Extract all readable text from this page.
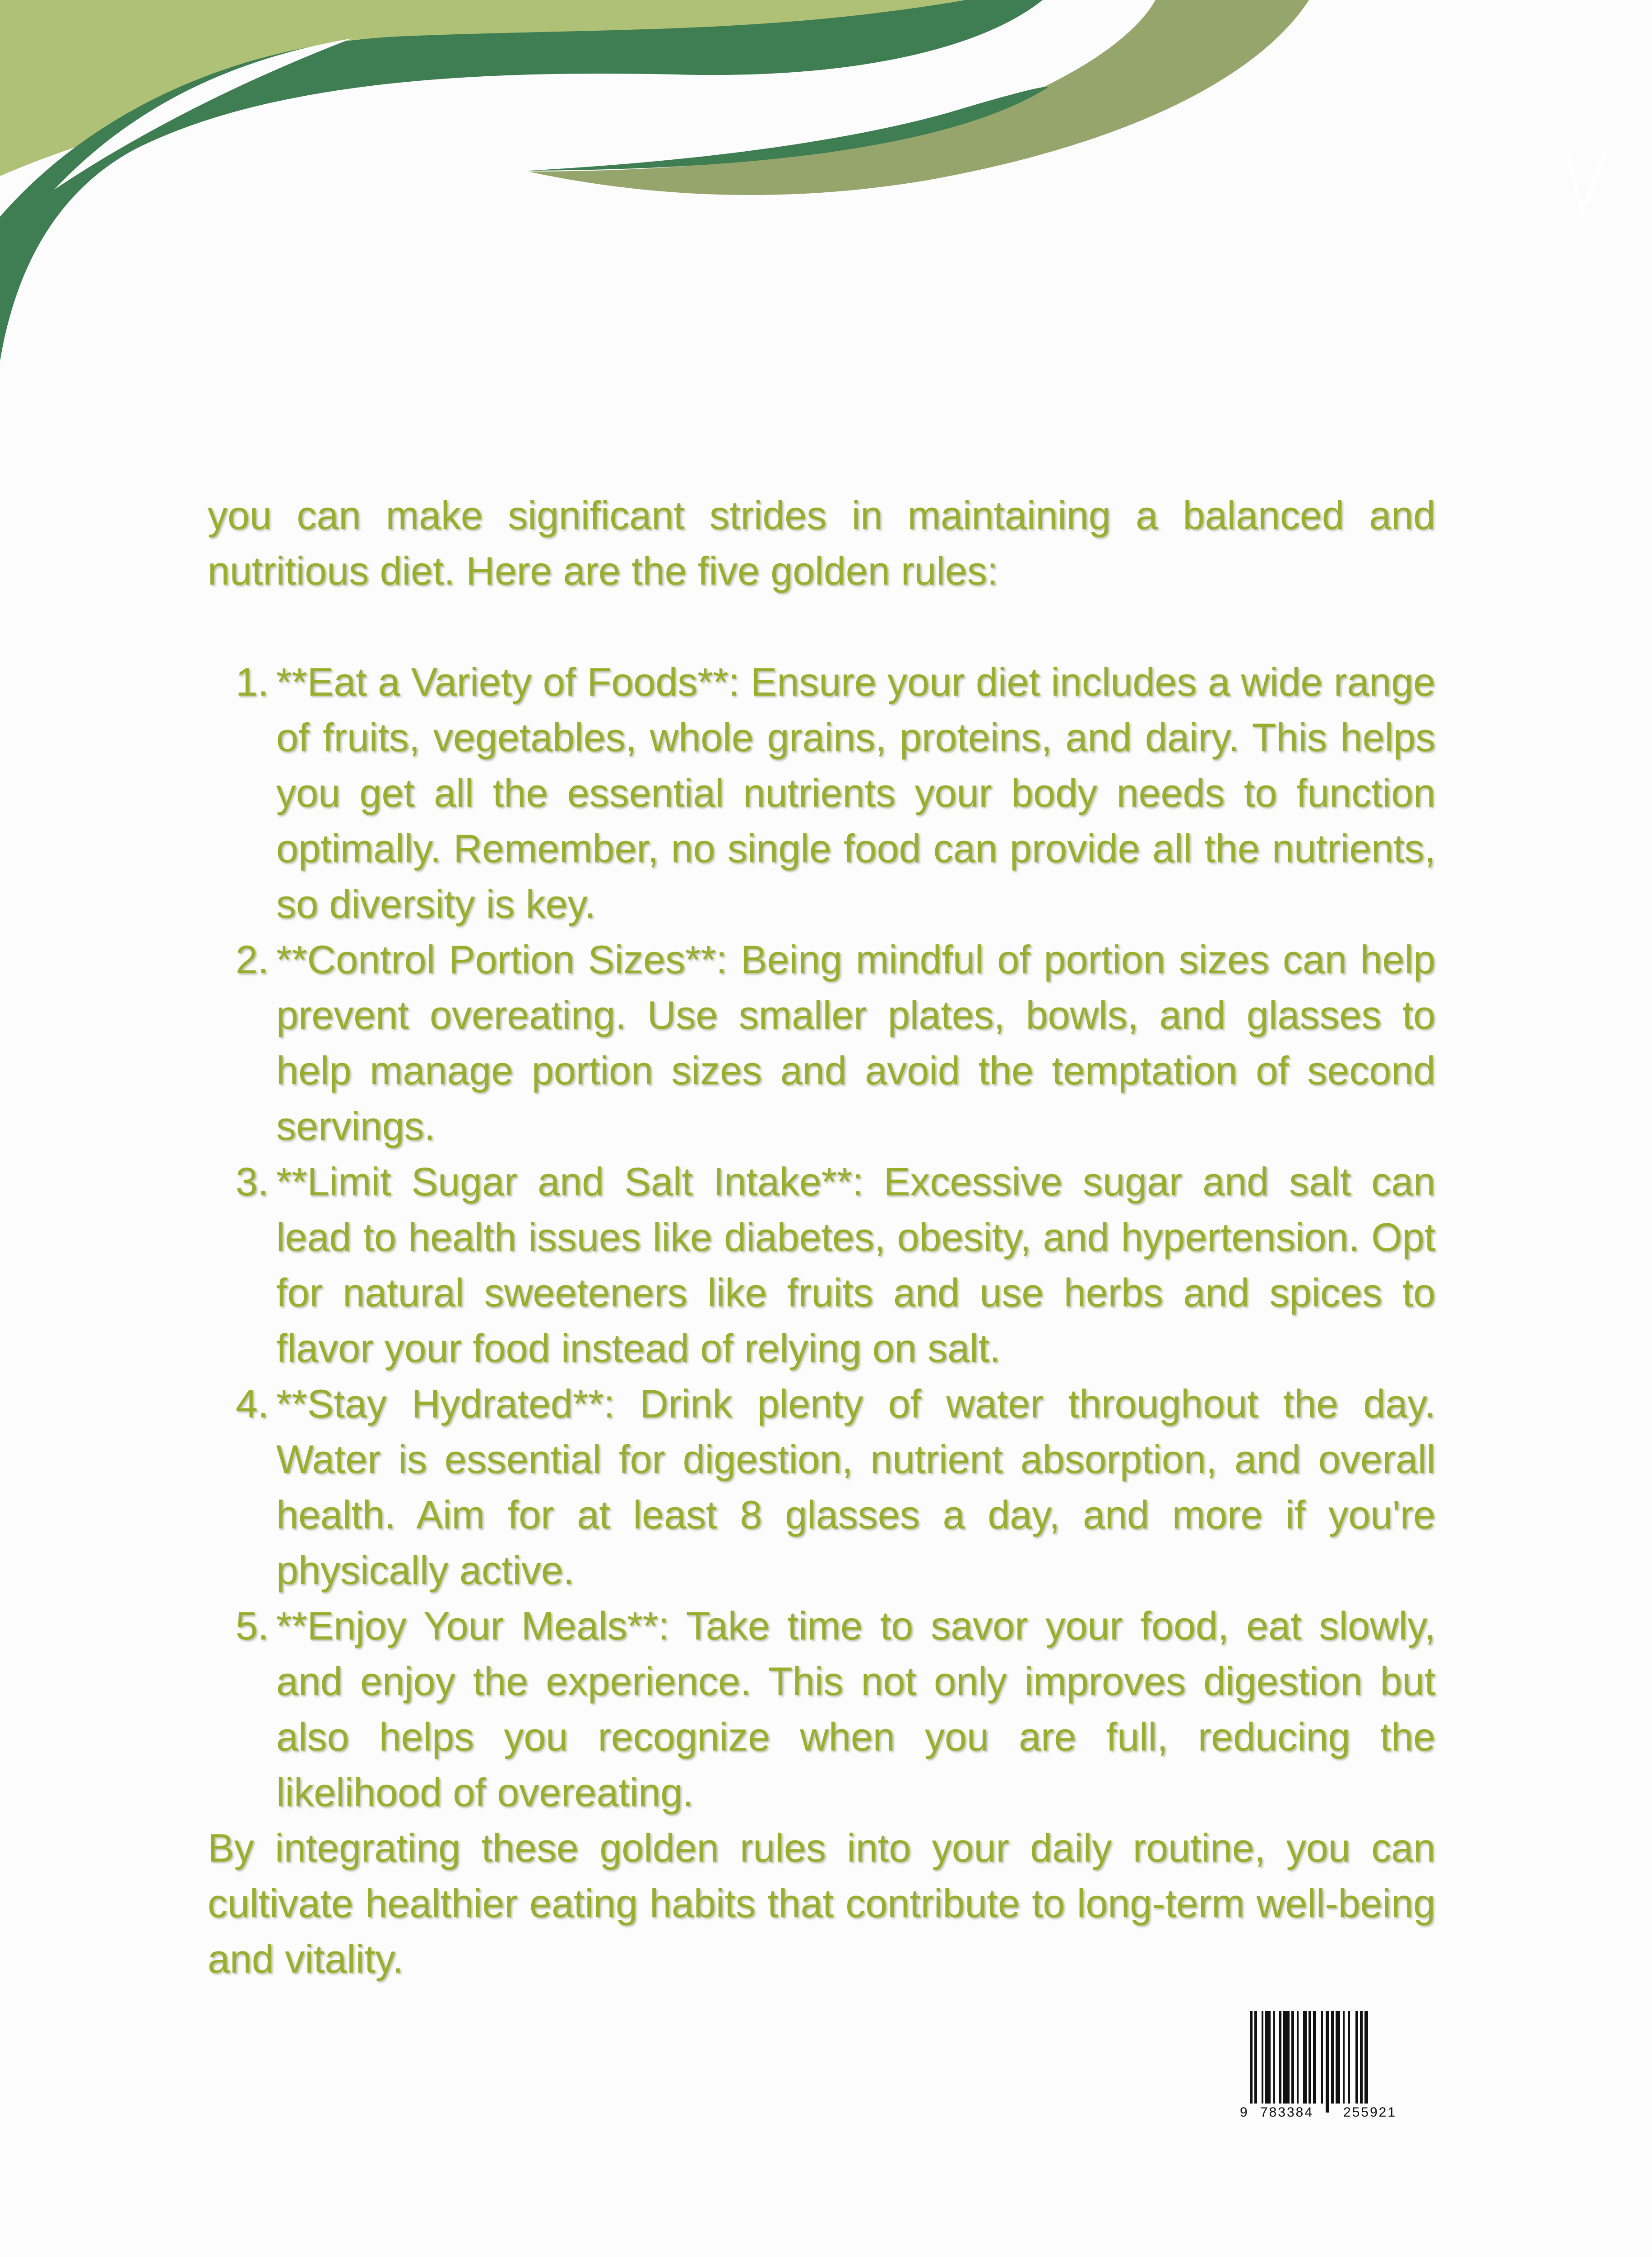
you can make significant strides in maintaining a balanced and nutritious diet. Here are the five golden rules:

1. **Eat a Variety of Foods**: Ensure your diet includes a wide range of fruits, vegetables, whole grains, proteins, and dairy. This helps you get all the essential nutrients your body needs to function optimally. Remember, no single food can provide all the nutrients, so diversity is key.
2. **Control Portion Sizes**: Being mindful of portion sizes can help prevent overeating. Use smaller plates, bowls, and glasses to help manage portion sizes and avoid the temptation of second servings.
3. **Limit Sugar and Salt Intake**: Excessive sugar and salt can lead to health issues like diabetes, obesity, and hypertension. Opt for natural sweeteners like fruits and use herbs and spices to flavor your food instead of relying on salt.
4. **Stay Hydrated**: Drink plenty of water throughout the day. Water is essential for digestion, nutrient absorption, and overall health. Aim for at least 8 glasses a day, and more if you're physically active.
5. **Enjoy Your Meals**: Take time to savor your food, eat slowly, and enjoy the experience. This not only improves digestion but also helps you recognize when you are full, reducing the likelihood of overeating.

By integrating these golden rules into your daily routine, you can cultivate healthier eating habits that contribute to long-term well-being and vitality.

9 783384 255921
